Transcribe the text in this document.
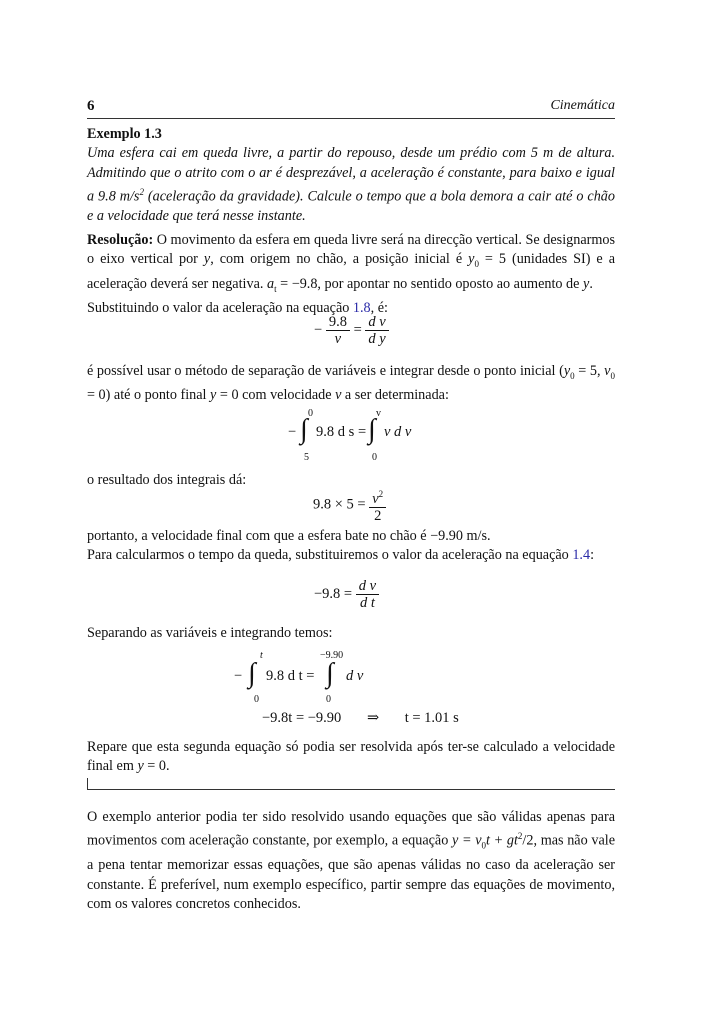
6	Cinemática

Exemplo 1.3

Uma esfera cai em queda livre, a partir do repouso, desde um prédio com 5 m de altura. Admitindo que o atrito com o ar é desprezável, a aceleração é constante, para baixo e igual a 9.8 $m/s^2$ (aceleração da gravidade). Calcule o tempo que a bola demora a cair até o chão e a velocidade que terá nesse instante.

Resolução: O movimento da esfera em queda livre será na direcção vertical. Se designarmos o eixo vertical por y, com origem no chão, a posição inicial é $y_0 = 5$ (unidades SI) e a aceleração deverá ser negativa. $a_t = -9.8$, por apontar no sentido oposto ao aumento de y.

Substituindo o valor da aceleração na equação 1.8, é:

− $\frac{9.8}{v} = \frac{\text{d v}}{\text{d y}}$

é possível usar o método de separação de variáveis e integrar desde o ponto inicial ($y_0 = 5$, $v_0 = 0$) até o ponto final y = 0 com velocidade v a ser determinada:

0
5
v
0
− ∫ 9.8 d s = ∫ v d v

o resultado dos integrais dá:

$9.8 \times 5 = \frac{v^2}{2}$

portanto, a velocidade final com que a esfera bate no chão é −9.90 m/s.

Para calcularmos o tempo da queda, substituiremos o valor da aceleração na equação 1.4:

$-9.8 = \frac{\text{d v}}{\text{d t}}$

Separando as variáveis e integrando temos:

t
0
−9.90
0
− ∫ 9.8 d t = ∫ d v
−9.8t = −9.90 ⇒ t = 1.01 s

Repare que esta segunda equação só podia ser resolvida após ter-se calculado a velocidade final em y = 0.

O exemplo anterior podia ter sido resolvido usando equações que são válidas apenas para movimentos com aceleração constante, por exemplo, a equação $y = v_0t + gt^2/2$, mas não vale a pena tentar memorizar essas equações, que são apenas válidas no caso da aceleração ser constante. É preferível, num exemplo específico, partir sempre das equações de movimento, com os valores concretos conhecidos.
